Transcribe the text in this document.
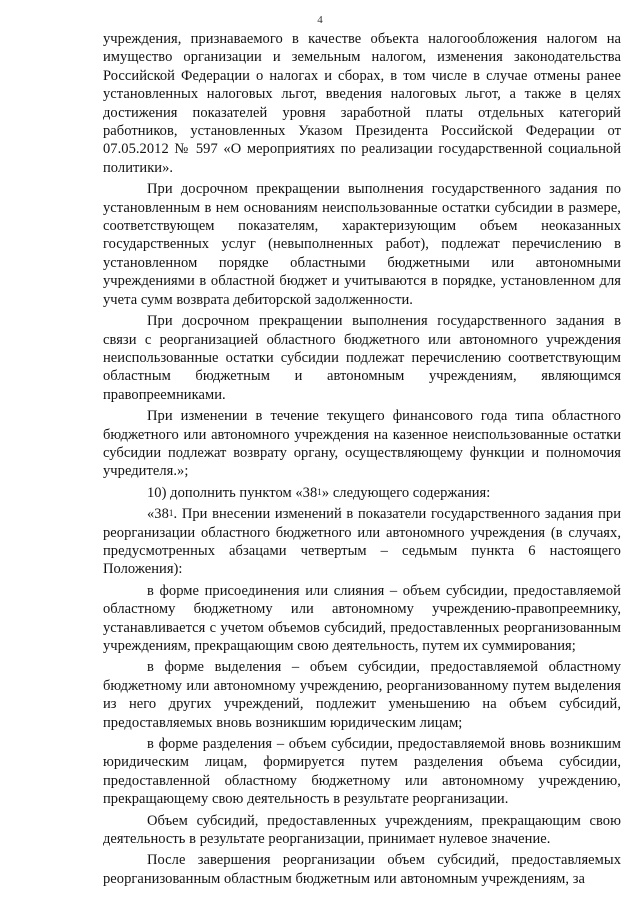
4

учреждения, признаваемого в качестве объекта налогообложения налогом на имущество организации и земельным налогом, изменения законодательства Российской Федерации о налогах и сборах, в том числе в случае отмены ранее установленных налоговых льгот, введения налоговых льгот, а также в целях достижения показателей уровня заработной платы отдельных категорий работников, установленных Указом Президента Российской Федерации от 07.05.2012 № 597 «О мероприятиях по реализации государственной социальной политики».

При досрочном прекращении выполнения государственного задания по установленным в нем основаниям неиспользованные остатки субсидии в размере, соответствующем показателям, характеризующим объем неоказанных государственных услуг (невыполненных работ), подлежат перечислению в установленном порядке областными бюджетными или автономными учреждениями в областной бюджет и учитываются в порядке, установленном для учета сумм возврата дебиторской задолженности.

При досрочном прекращении выполнения государственного задания в связи с реорганизацией областного бюджетного или автономного учреждения неиспользованные остатки субсидии подлежат перечислению соответствующим областным бюджетным и автономным учреждениям, являющимся правопреемниками.

При изменении в течение текущего финансового года типа областного бюджетного или автономного учреждения на казенное неиспользованные остатки субсидии подлежат возврату органу, осуществляющему функции и полномочия учредителя.»;

10) дополнить пунктом «$38^1$» следующего содержания:

«$38^1$. При внесении изменений в показатели государственного задания при реорганизации областного бюджетного или автономного учреждения (в случаях, предусмотренных абзацами четвертым – седьмым пункта 6 настоящего Положения):

в форме присоединения или слияния – объем субсидии, предоставляемой областному бюджетному или автономному учреждению-правопреемнику, устанавливается с учетом объемов субсидий, предоставленных реорганизованным учреждениям, прекращающим свою деятельность, путем их суммирования;

в форме выделения – объем субсидии, предоставляемой областному бюджетному или автономному учреждению, реорганизованному путем выделения из него других учреждений, подлежит уменьшению на объем субсидий, предоставляемых вновь возникшим юридическим лицам;

в форме разделения – объем субсидии, предоставляемой вновь возникшим юридическим лицам, формируется путем разделения объема субсидии, предоставленной областному бюджетному или автономному учреждению, прекращающему свою деятельность в результате реорганизации.

Объем субсидий, предоставленных учреждениям, прекращающим свою деятельность в результате реорганизации, принимает нулевое значение.

После завершения реорганизации объем субсидий, предоставляемых реорганизованным областным бюджетным или автономным учреждениям, за
